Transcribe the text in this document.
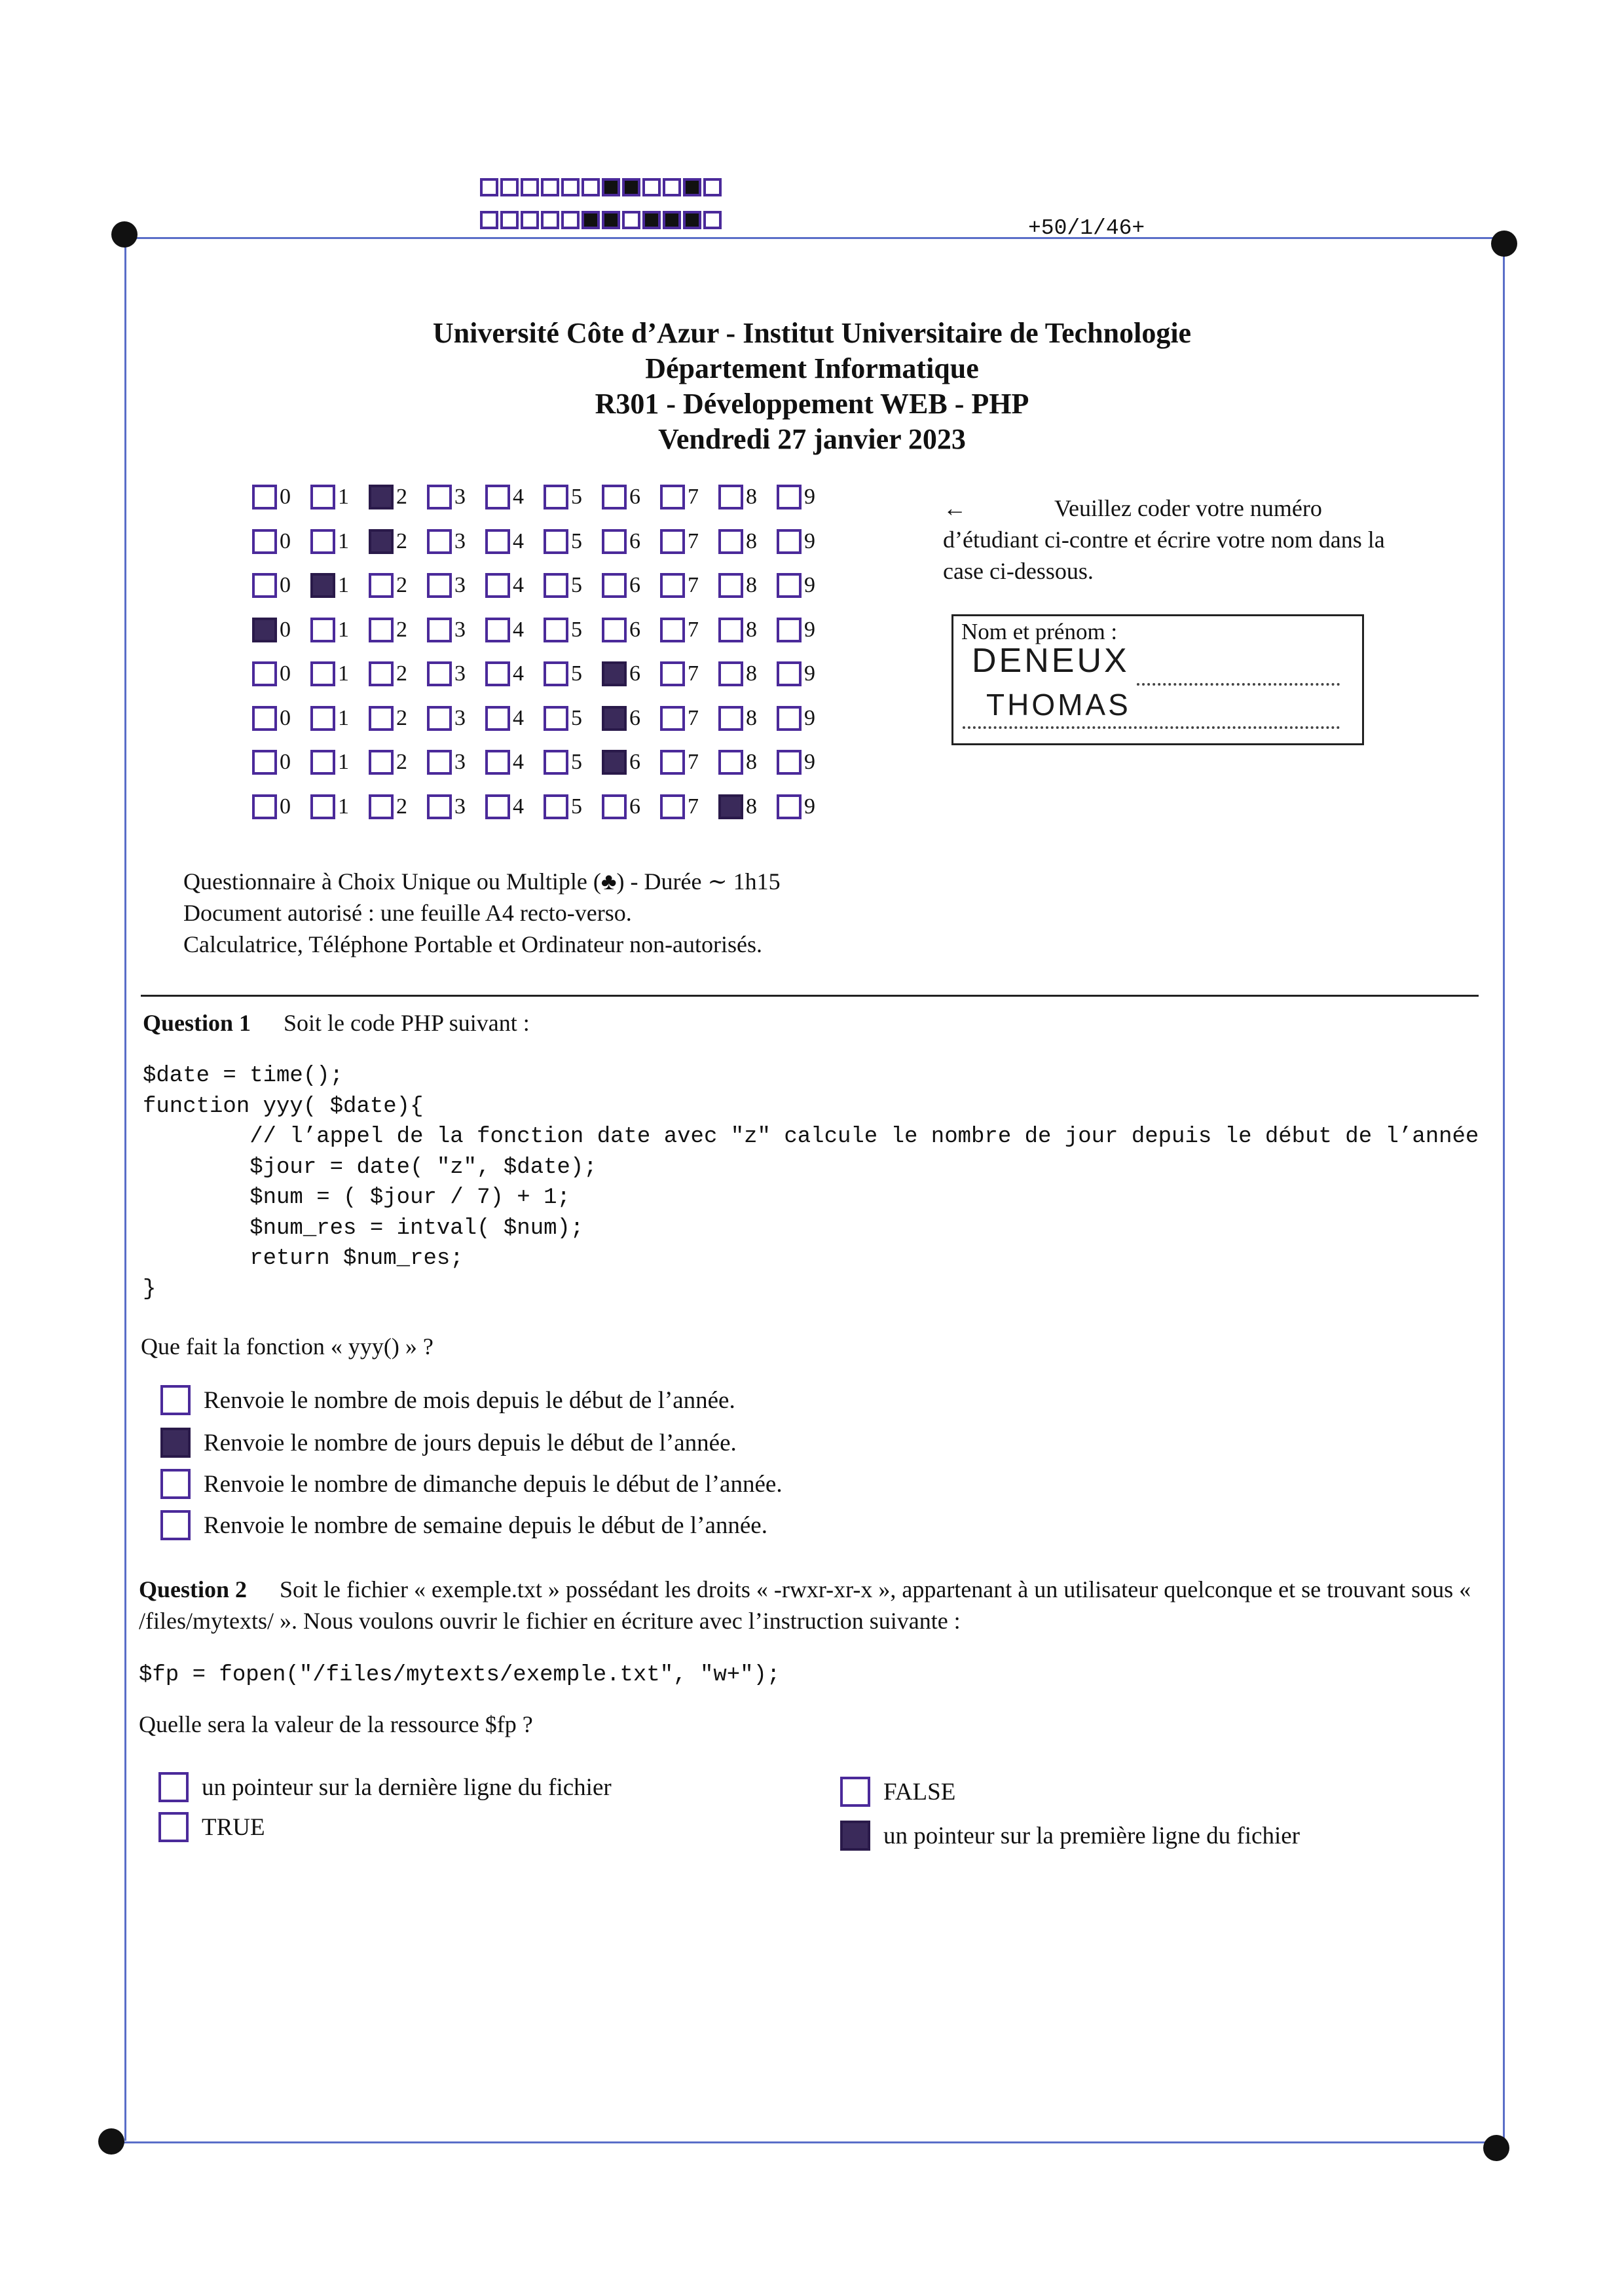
+50/1/46+
Université Côte d’Azur - Institut Universitaire de Technologie
Département Informatique
R301 - Développement WEB - PHP
Vendredi 27 janvier 2023
0 1 2 3 4 5 6 7 8 9
0 1 2 3 4 5 6 7 8 9
0 1 2 3 4 5 6 7 8 9
0 1 2 3 4 5 6 7 8 9
0 1 2 3 4 5 6 7 8 9
0 1 2 3 4 5 6 7 8 9
0 1 2 3 4 5 6 7 8 9
0 1 2 3 4 5 6 7 8 9
←	Veuillez coder votre numéro d’étudiant ci-contre et écrire votre nom dans la case ci-dessous.
Nom et prénom :
DENEUX
THOMAS
Questionnaire à Choix Unique ou Multiple (♣) - Durée ∼ 1h15
Document autorisé : une feuille A4 recto-verso.
Calculatrice, Téléphone Portable et Ordinateur non-autorisés.
Question 1 Soit le code PHP suivant :
$date = time();
function yyy( $date){
// l’appel de la fonction date avec "z" calcule le nombre de jour depuis le début de l’année
$jour = date( "z", $date);
$num = ( $jour / 7) + 1;
$num_res = intval( $num);
return $num_res;
}
Que fait la fonction « yyy() » ?
Renvoie le nombre de mois depuis le début de l’année.
Renvoie le nombre de jours depuis le début de l’année.
Renvoie le nombre de dimanche depuis le début de l’année.
Renvoie le nombre de semaine depuis le début de l’année.
Question 2 Soit le fichier « exemple.txt » possédant les droits « -rwxr-xr-x », appartenant à un utilisateur quelconque et se trouvant sous « /files/mytexts/ ». Nous voulons ouvrir le fichier en écriture avec l’instruction suivante :
$fp = fopen("/files/mytexts/exemple.txt", "w+");
Quelle sera la valeur de la ressource $fp ?
un pointeur sur la dernière ligne du fichier
TRUE
FALSE
un pointeur sur la première ligne du fichier
